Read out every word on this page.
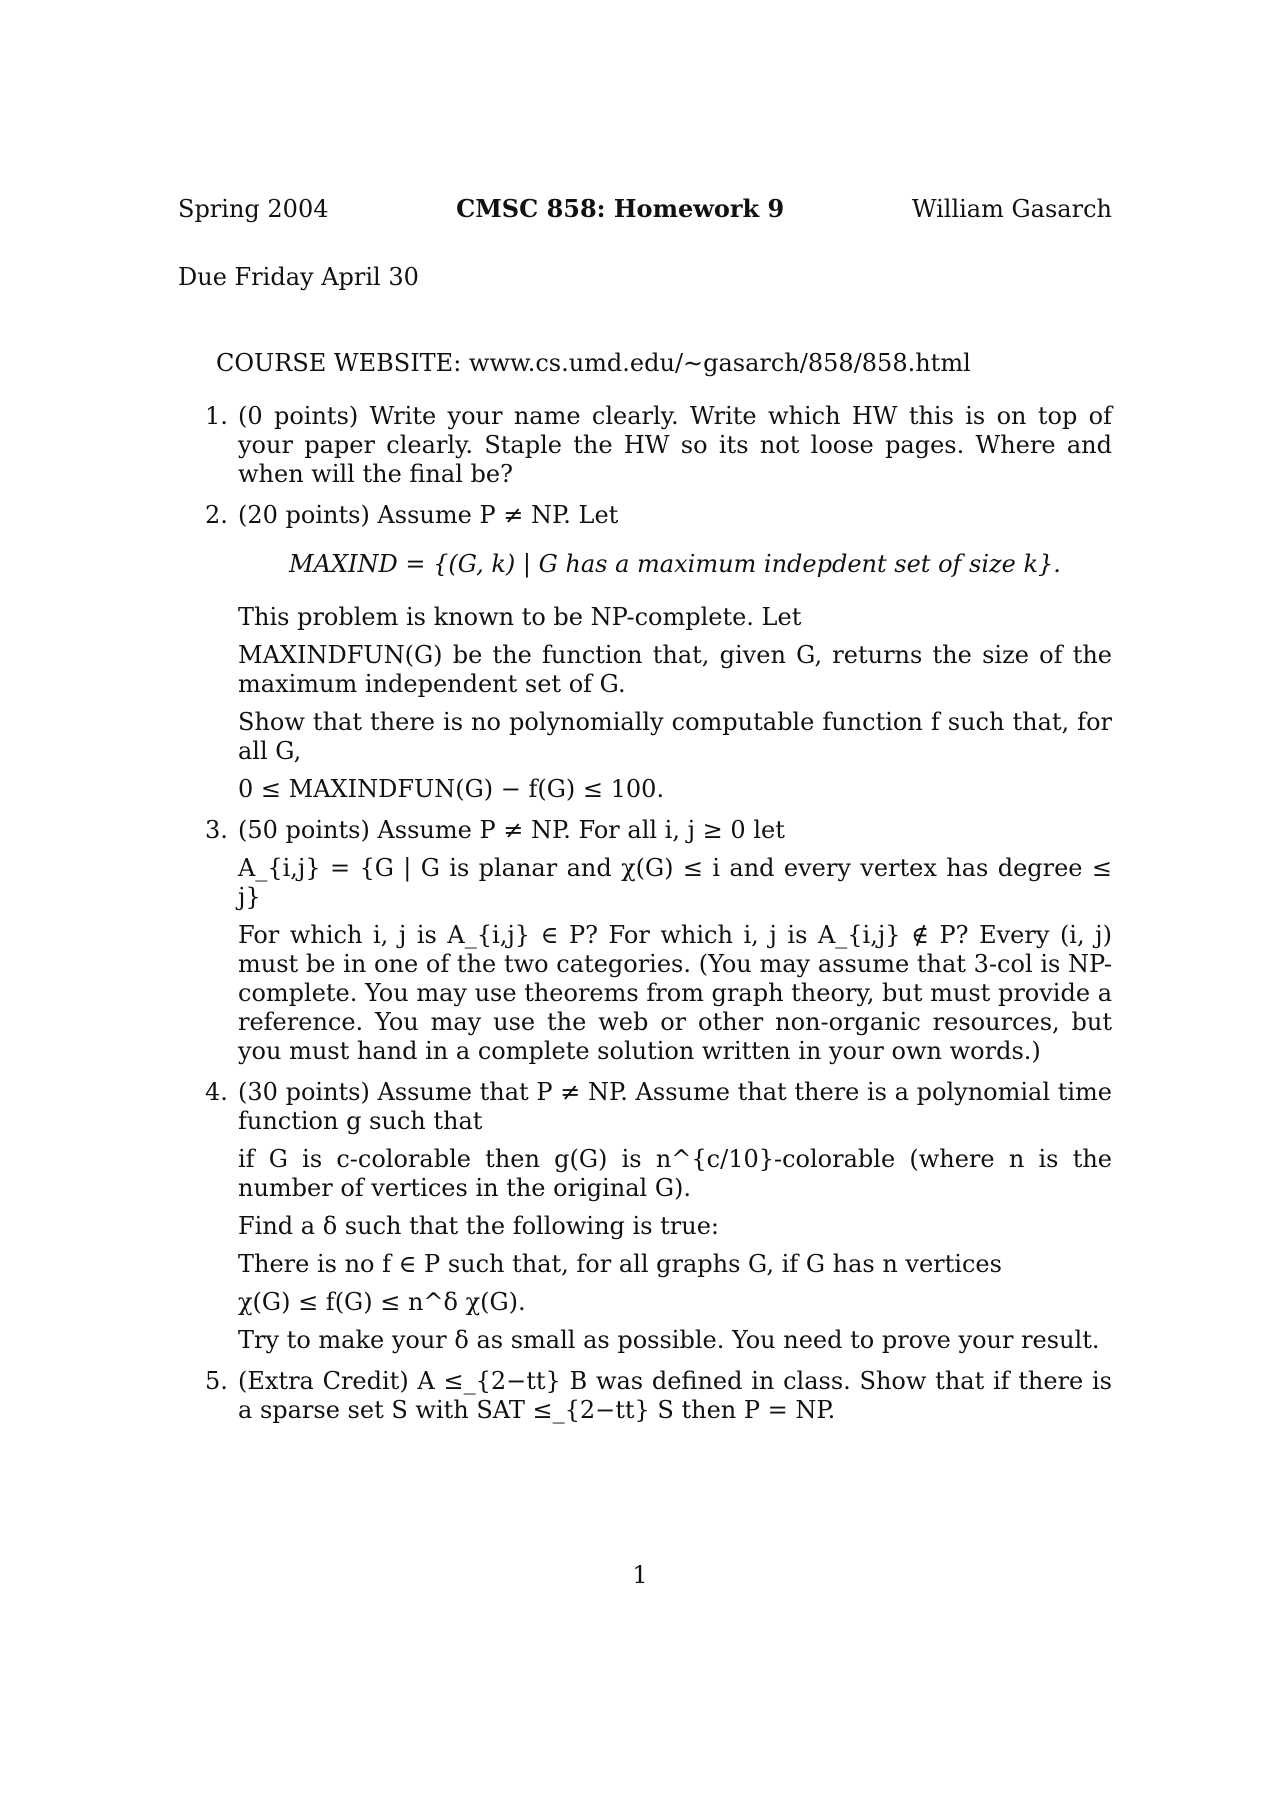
Spring 2004	CMSC 858: Homework 9	William Gasarch
Due Friday April 30
COURSE WEBSITE: www.cs.umd.edu/∼gasarch/858/858.html
1. (0 points) Write your name clearly. Write which HW this is on top of your paper clearly. Staple the HW so its not loose pages. Where and when will the final be?

2. (20 points) Assume P ≠ NP. Let

MAXIND = {(G, k) | G has a maximum indepdent set of size k}.

This problem is known to be NP-complete. Let

MAXINDFUN(G) be the function that, given G, returns the size of the maximum independent set of G.

Show that there is no polynomially computable function f such that, for all G,

0 ≤ MAXINDFUN(G) − f(G) ≤ 100.

3. (50 points) Assume P ≠ NP. For all i, j ≥ 0 let

A_{i,j} = {G | G is planar and χ(G) ≤ i and every vertex has degree ≤ j}

For which i, j is A_{i,j} ∈ P? For which i, j is A_{i,j} ∉ P? Every (i, j) must be in one of the two categories. (You may assume that 3-col is NP-complete. You may use theorems from graph theory, but must provide a reference. You may use the web or other non-organic resources, but you must hand in a complete solution written in your own words.)

4. (30 points) Assume that P ≠ NP. Assume that there is a polynomial time function g such that

if G is c-colorable then g(G) is n^{c/10}-colorable (where n is the number of vertices in the original G).

Find a δ such that the following is true:

There is no f ∈ P such that, for all graphs G, if G has n vertices

χ(G) ≤ f(G) ≤ n^δ χ(G).

Try to make your δ as small as possible. You need to prove your result.

5. (Extra Credit) A ≤_{2−tt} B was defined in class. Show that if there is a sparse set S with SAT ≤_{2−tt} S then P = NP.

1
